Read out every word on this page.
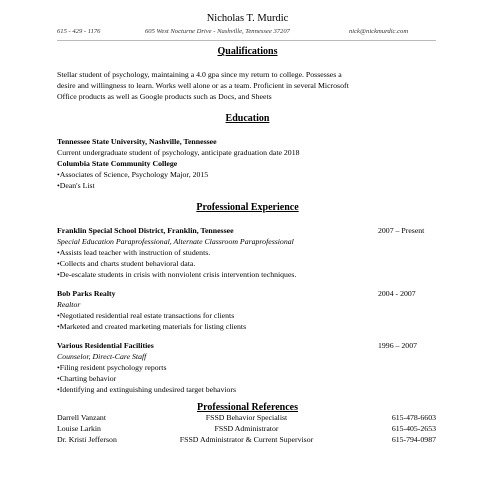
Nicholas T. Murdic
615 - 429 - 1176	605 West Nocturne Drive - Nashville, Tennessee 37207	nick@nickmurdic.com
Qualifications
Stellar student of psychology, maintaining a 4.0 gpa since my return to college. Possesses a
desire and willingness to learn. Works well alone or as a team. Proficient in several Microsoft
Office products as well as Google products such as Docs, and Sheets
Education
Tennessee State University, Nashville, Tennessee
Current undergraduate student of psychology, anticipate graduation date 2018
Columbia State Community College
•Associates of Science, Psychology Major, 2015
•Dean's List
Professional Experience
Franklin Special School District, Franklin, Tennessee	2007 – Present
Special Education Paraprofessional, Alternate Classroom Paraprofessional
•Assists lead teacher with instruction of students.
•Collects and charts student behavioral data.
•De-escalate students in crisis with nonviolent crisis intervention techniques.
Bob Parks Realty	2004 - 2007
Realtor
•Negotiated residential real estate transactions for clients
•Marketed and created marketing materials for listing clients
Various Residential Facilities	1996 – 2007
Counselor, Direct-Care Staff
•Filing resident psychology reports
•Charting behavior
•Identifying and extinguishing undesired target behaviors
Professional References
Darrell Vanzant	FSSD Behavior Specialist	615-478-6603
Louise Larkin	FSSD Administrator	615-405-2653
Dr. Kristi Jefferson	FSSD Administrator & Current Supervisor	615-794-0987
